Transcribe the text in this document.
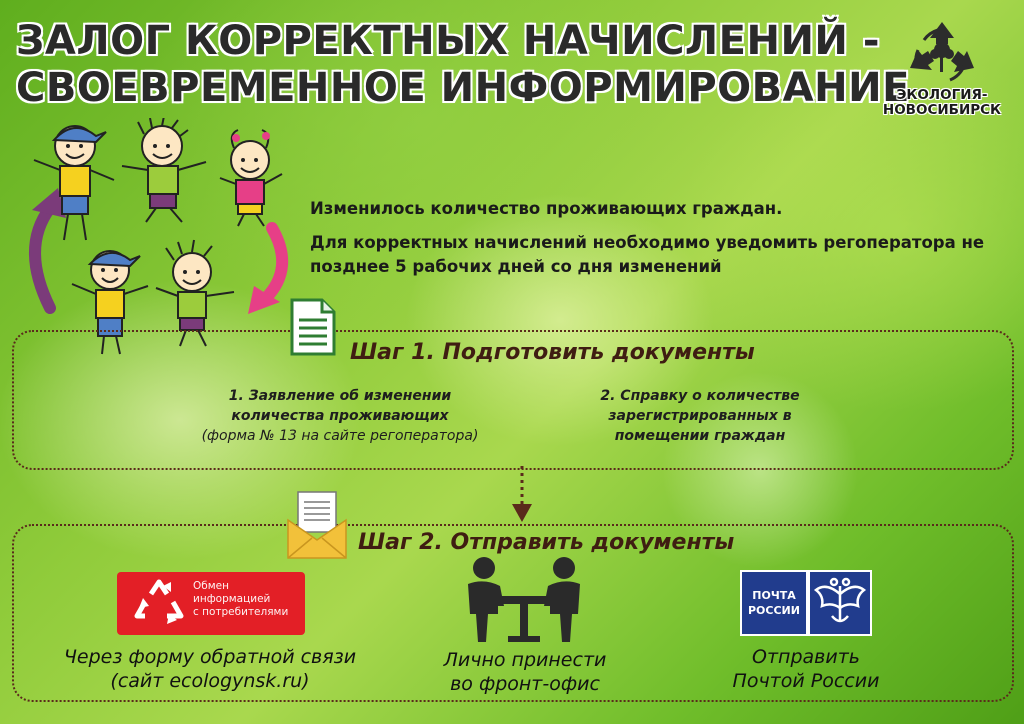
ЗАЛОГ КОРРЕКТНЫХ НАЧИСЛЕНИЙ -
СВОЕВРЕМЕННОЕ ИНФОРМИРОВАНИЕ
ЭКОЛОГИЯ-
НОВОСИБИРСК

Изменилось количество проживающих граждан.

Для корректных начислений необходимо уведомить регоператора не позднее 5 рабочих дней со дня изменений

Шаг 1. Подготовить документы
1. Заявление об изменении
количества проживающих
(форма № 13 на сайте регоператора)
2. Справку о количестве
зарегистрированных в
помещении граждан
Шаг 2. Отправить документы
Обмен
информацией
с потребителями
Через форму обратной связи
(сайт ecologynsk.ru)
Лично принести
во фронт-офис
ПОЧТА
РОССИИ
Отправить
Почтой России
